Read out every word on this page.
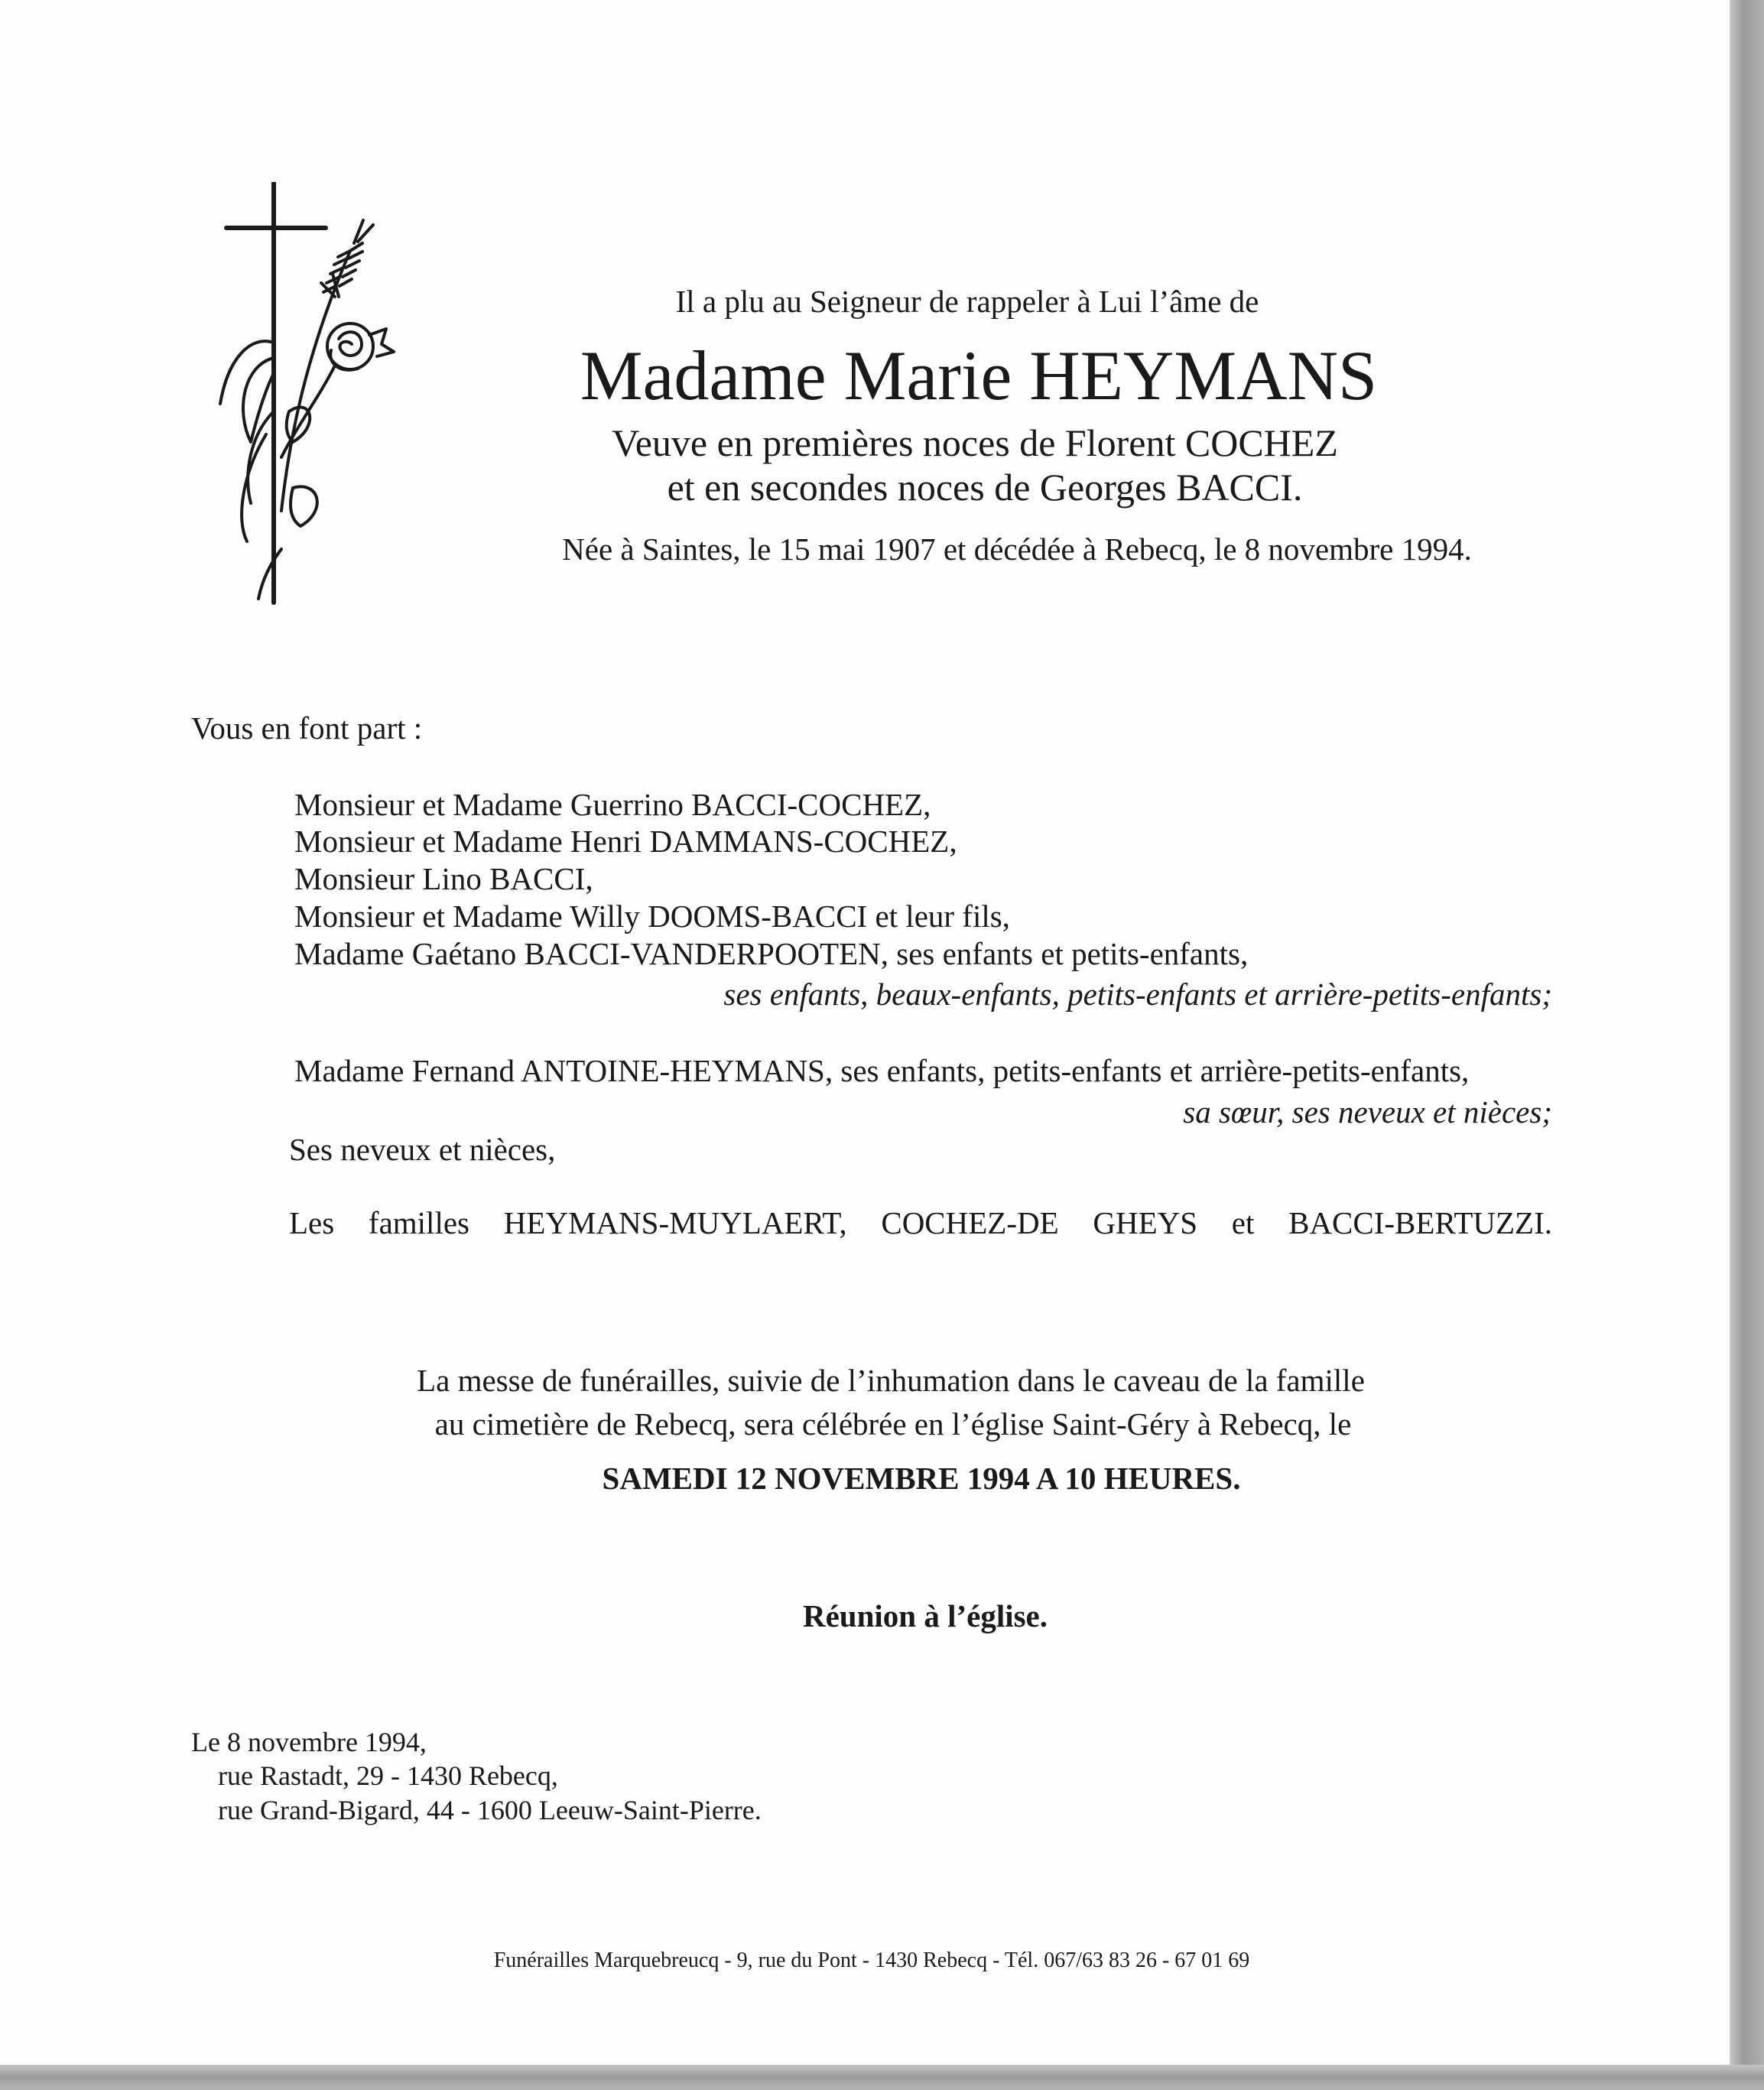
Il a plu au Seigneur de rappeler à Lui l’âme de
Madame Marie HEYMANS
Veuve en premières noces de Florent COCHEZ
et en secondes noces de Georges BACCI.
Née à Saintes, le 15 mai 1907 et décédée à Rebecq, le 8 novembre 1994.
Vous en font part :
Monsieur et Madame Guerrino BACCI-COCHEZ,
Monsieur et Madame Henri DAMMANS-COCHEZ,
Monsieur Lino BACCI,
Monsieur et Madame Willy DOOMS-BACCI et leur fils,
Madame Gaétano BACCI-VANDERPOOTEN, ses enfants et petits-enfants,
ses enfants, beaux-enfants, petits-enfants et arrière-petits-enfants;
Madame Fernand ANTOINE-HEYMANS, ses enfants, petits-enfants et arrière-petits-enfants,
sa sœur, ses neveux et nièces;
Ses neveux et nièces,
Les familles HEYMANS-MUYLAERT, COCHEZ-DE GHEYS et BACCI-BERTUZZI.
La messe de funérailles, suivie de l’inhumation dans le caveau de la famille
au cimetière de Rebecq, sera célébrée en l’église Saint-Géry à Rebecq, le
SAMEDI 12 NOVEMBRE 1994 A 10 HEURES.
Réunion à l’église.
Le 8 novembre 1994,
rue Rastadt, 29 - 1430 Rebecq,
rue Grand-Bigard, 44 - 1600 Leeuw-Saint-Pierre.
Funérailles Marquebreucq - 9, rue du Pont - 1430 Rebecq - Tél. 067/63 83 26 - 67 01 69
